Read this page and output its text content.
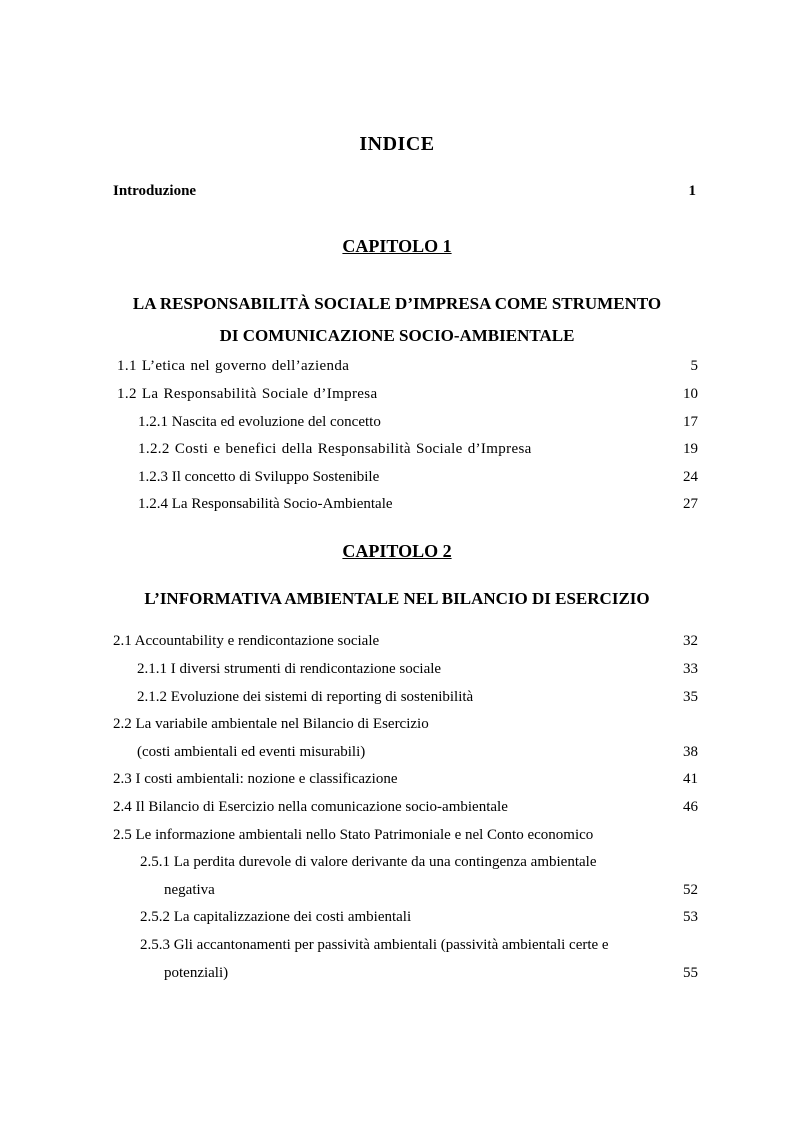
INDICE
Introduzione	1
CAPITOLO 1
LA RESPONSABILITÀ SOCIALE D’IMPRESA COME STRUMENTO
DI COMUNICAZIONE SOCIO-AMBIENTALE
1.1 L’etica nel governo dell’azienda	5
1.2 La Responsabilità Sociale d’Impresa	10
1.2.1 Nascita ed evoluzione del concetto	17
1.2.2 Costi e benefici della Responsabilità Sociale d’Impresa	19
1.2.3 Il concetto di Sviluppo Sostenibile	24
1.2.4 La Responsabilità Socio-Ambientale	27
CAPITOLO 2
L’INFORMATIVA AMBIENTALE NEL BILANCIO DI ESERCIZIO
2.1 Accountability e rendicontazione sociale	32
2.1.1 I diversi strumenti di rendicontazione sociale	33
2.1.2 Evoluzione dei sistemi di reporting di sostenibilità	35
2.2 La variabile ambientale nel Bilancio di Esercizio
(costi ambientali ed eventi misurabili)	38
2.3 I costi ambientali: nozione e classificazione	41
2.4 Il Bilancio di Esercizio nella comunicazione socio-ambientale	46
2.5 Le informazione ambientali nello Stato Patrimoniale e nel Conto economico
2.5.1 La perdita durevole di valore derivante da una contingenza ambientale
negativa	52
2.5.2 La capitalizzazione dei costi ambientali	53
2.5.3 Gli accantonamenti per passività ambientali (passività ambientali certe e
potenziali)	55
